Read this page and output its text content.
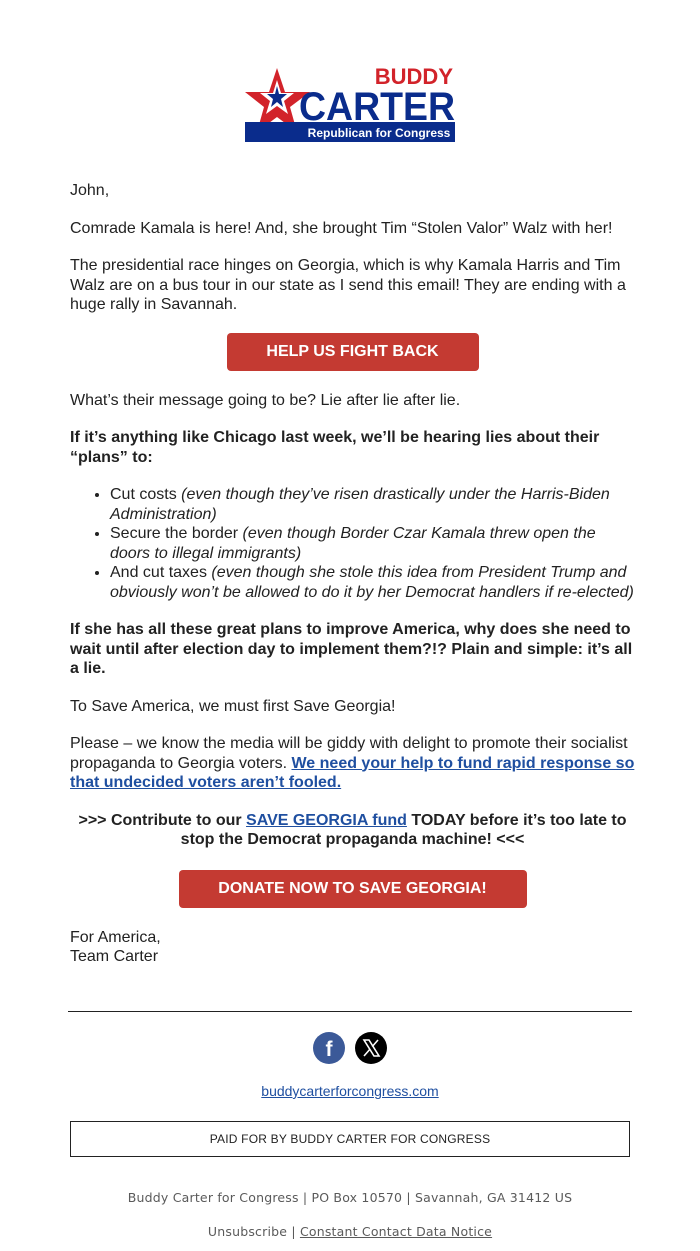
BUDDY
CARTER
Republican for Congress

John,

Comrade Kamala is here! And, she brought Tim “Stolen Valor” Walz with her!

The presidential race hinges on Georgia, which is why Kamala Harris and Tim Walz are on a bus tour in our state as I send this email! They are ending with a huge rally in Savannah.

HELP US FIGHT BACK

What’s their message going to be? Lie after lie after lie.

If it’s anything like Chicago last week, we’ll be hearing lies about their “plans” to:

• Cut costs (even though they’ve risen drastically under the Harris-Biden Administration)
• Secure the border (even though Border Czar Kamala threw open the doors to illegal immigrants)
• And cut taxes (even though she stole this idea from President Trump and obviously won’t be allowed to do it by her Democrat handlers if re-elected)

If she has all these great plans to improve America, why does she need to wait until after election day to implement them?!? Plain and simple: it’s all a lie.

To Save America, we must first Save Georgia!

Please – we know the media will be giddy with delight to promote their socialist propaganda to Georgia voters. We need your help to fund rapid response so that undecided voters aren’t fooled.

>>> Contribute to our SAVE GEORGIA fund TODAY before it’s too late to stop the Democrat propaganda machine! <<<

DONATE NOW TO SAVE GEORGIA!

For America,
Team Carter

f

buddycarterforcongress.com
PAID FOR BY BUDDY CARTER FOR CONGRESS
Buddy Carter for Congress | PO Box 10570 | Savannah, GA 31412 US
Unsubscribe | Constant Contact Data Notice
